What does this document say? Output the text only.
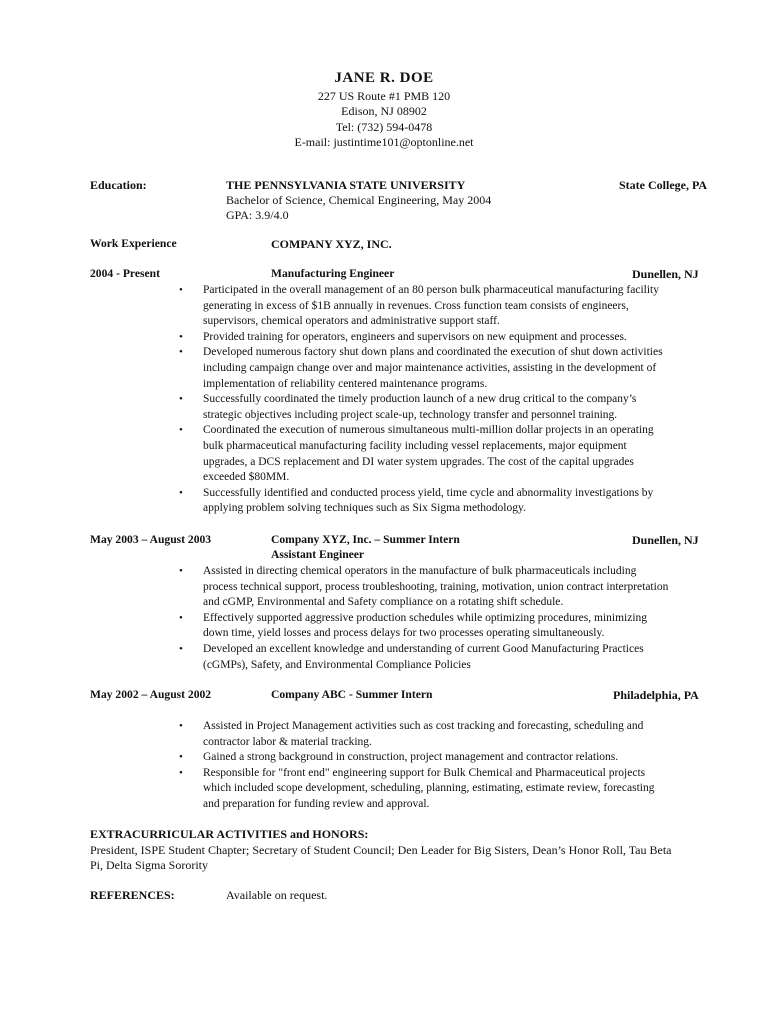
JANE R. DOE
227 US Route #1 PMB 120
Edison, NJ 08902
Tel: (732) 594-0478
E-mail: justintime101@optonline.net
Education:	THE PENNSYLVANIA STATE UNIVERSITY	State College, PA
Bachelor of Science, Chemical Engineering, May 2004
GPA: 3.9/4.0
Work Experience	COMPANY XYZ, INC.
2004 - Present	Manufacturing Engineer	Dunellen, NJ
• Participated in the overall management of an 80 person bulk pharmaceutical manufacturing facility
generating in excess of $1B annually in revenues. Cross function team consists of engineers,
supervisors, chemical operators and administrative support staff.
• Provided training for operators, engineers and supervisors on new equipment and processes.
• Developed numerous factory shut down plans and coordinated the execution of shut down activities
including campaign change over and major maintenance activities, assisting in the development of
implementation of reliability centered maintenance programs.
• Successfully coordinated the timely production launch of a new drug critical to the company’s
strategic objectives including project scale-up, technology transfer and personnel training.
• Coordinated the execution of numerous simultaneous multi-million dollar projects in an operating
bulk pharmaceutical manufacturing facility including vessel replacements, major equipment
upgrades, a DCS replacement and DI water system upgrades. The cost of the capital upgrades
exceeded $80MM.
• Successfully identified and conducted process yield, time cycle and abnormality investigations by
applying problem solving techniques such as Six Sigma methodology.
May 2003 – August 2003	Company XYZ, Inc. – Summer Intern	Dunellen, NJ
Assistant Engineer
• Assisted in directing chemical operators in the manufacture of bulk pharmaceuticals including
process technical support, process troubleshooting, training, motivation, union contract interpretation
and cGMP, Environmental and Safety compliance on a rotating shift schedule.
• Effectively supported aggressive production schedules while optimizing procedures, minimizing
down time, yield losses and process delays for two processes operating simultaneously.
• Developed an excellent knowledge and understanding of current Good Manufacturing Practices
(cGMPs), Safety, and Environmental Compliance Policies
May 2002 – August 2002	Company ABC - Summer Intern	Philadelphia, PA
• Assisted in Project Management activities such as cost tracking and forecasting, scheduling and
contractor labor & material tracking.
• Gained a strong background in construction, project management and contractor relations.
• Responsible for "front end" engineering support for Bulk Chemical and Pharmaceutical projects
which included scope development, scheduling, planning, estimating, estimate review, forecasting
and preparation for funding review and approval.
EXTRACURRICULAR ACTIVITIES and HONORS:
President, ISPE Student Chapter; Secretary of Student Council; Den Leader for Big Sisters, Dean’s Honor Roll, Tau Beta
Pi, Delta Sigma Sorority
REFERENCES:	Available on request.
